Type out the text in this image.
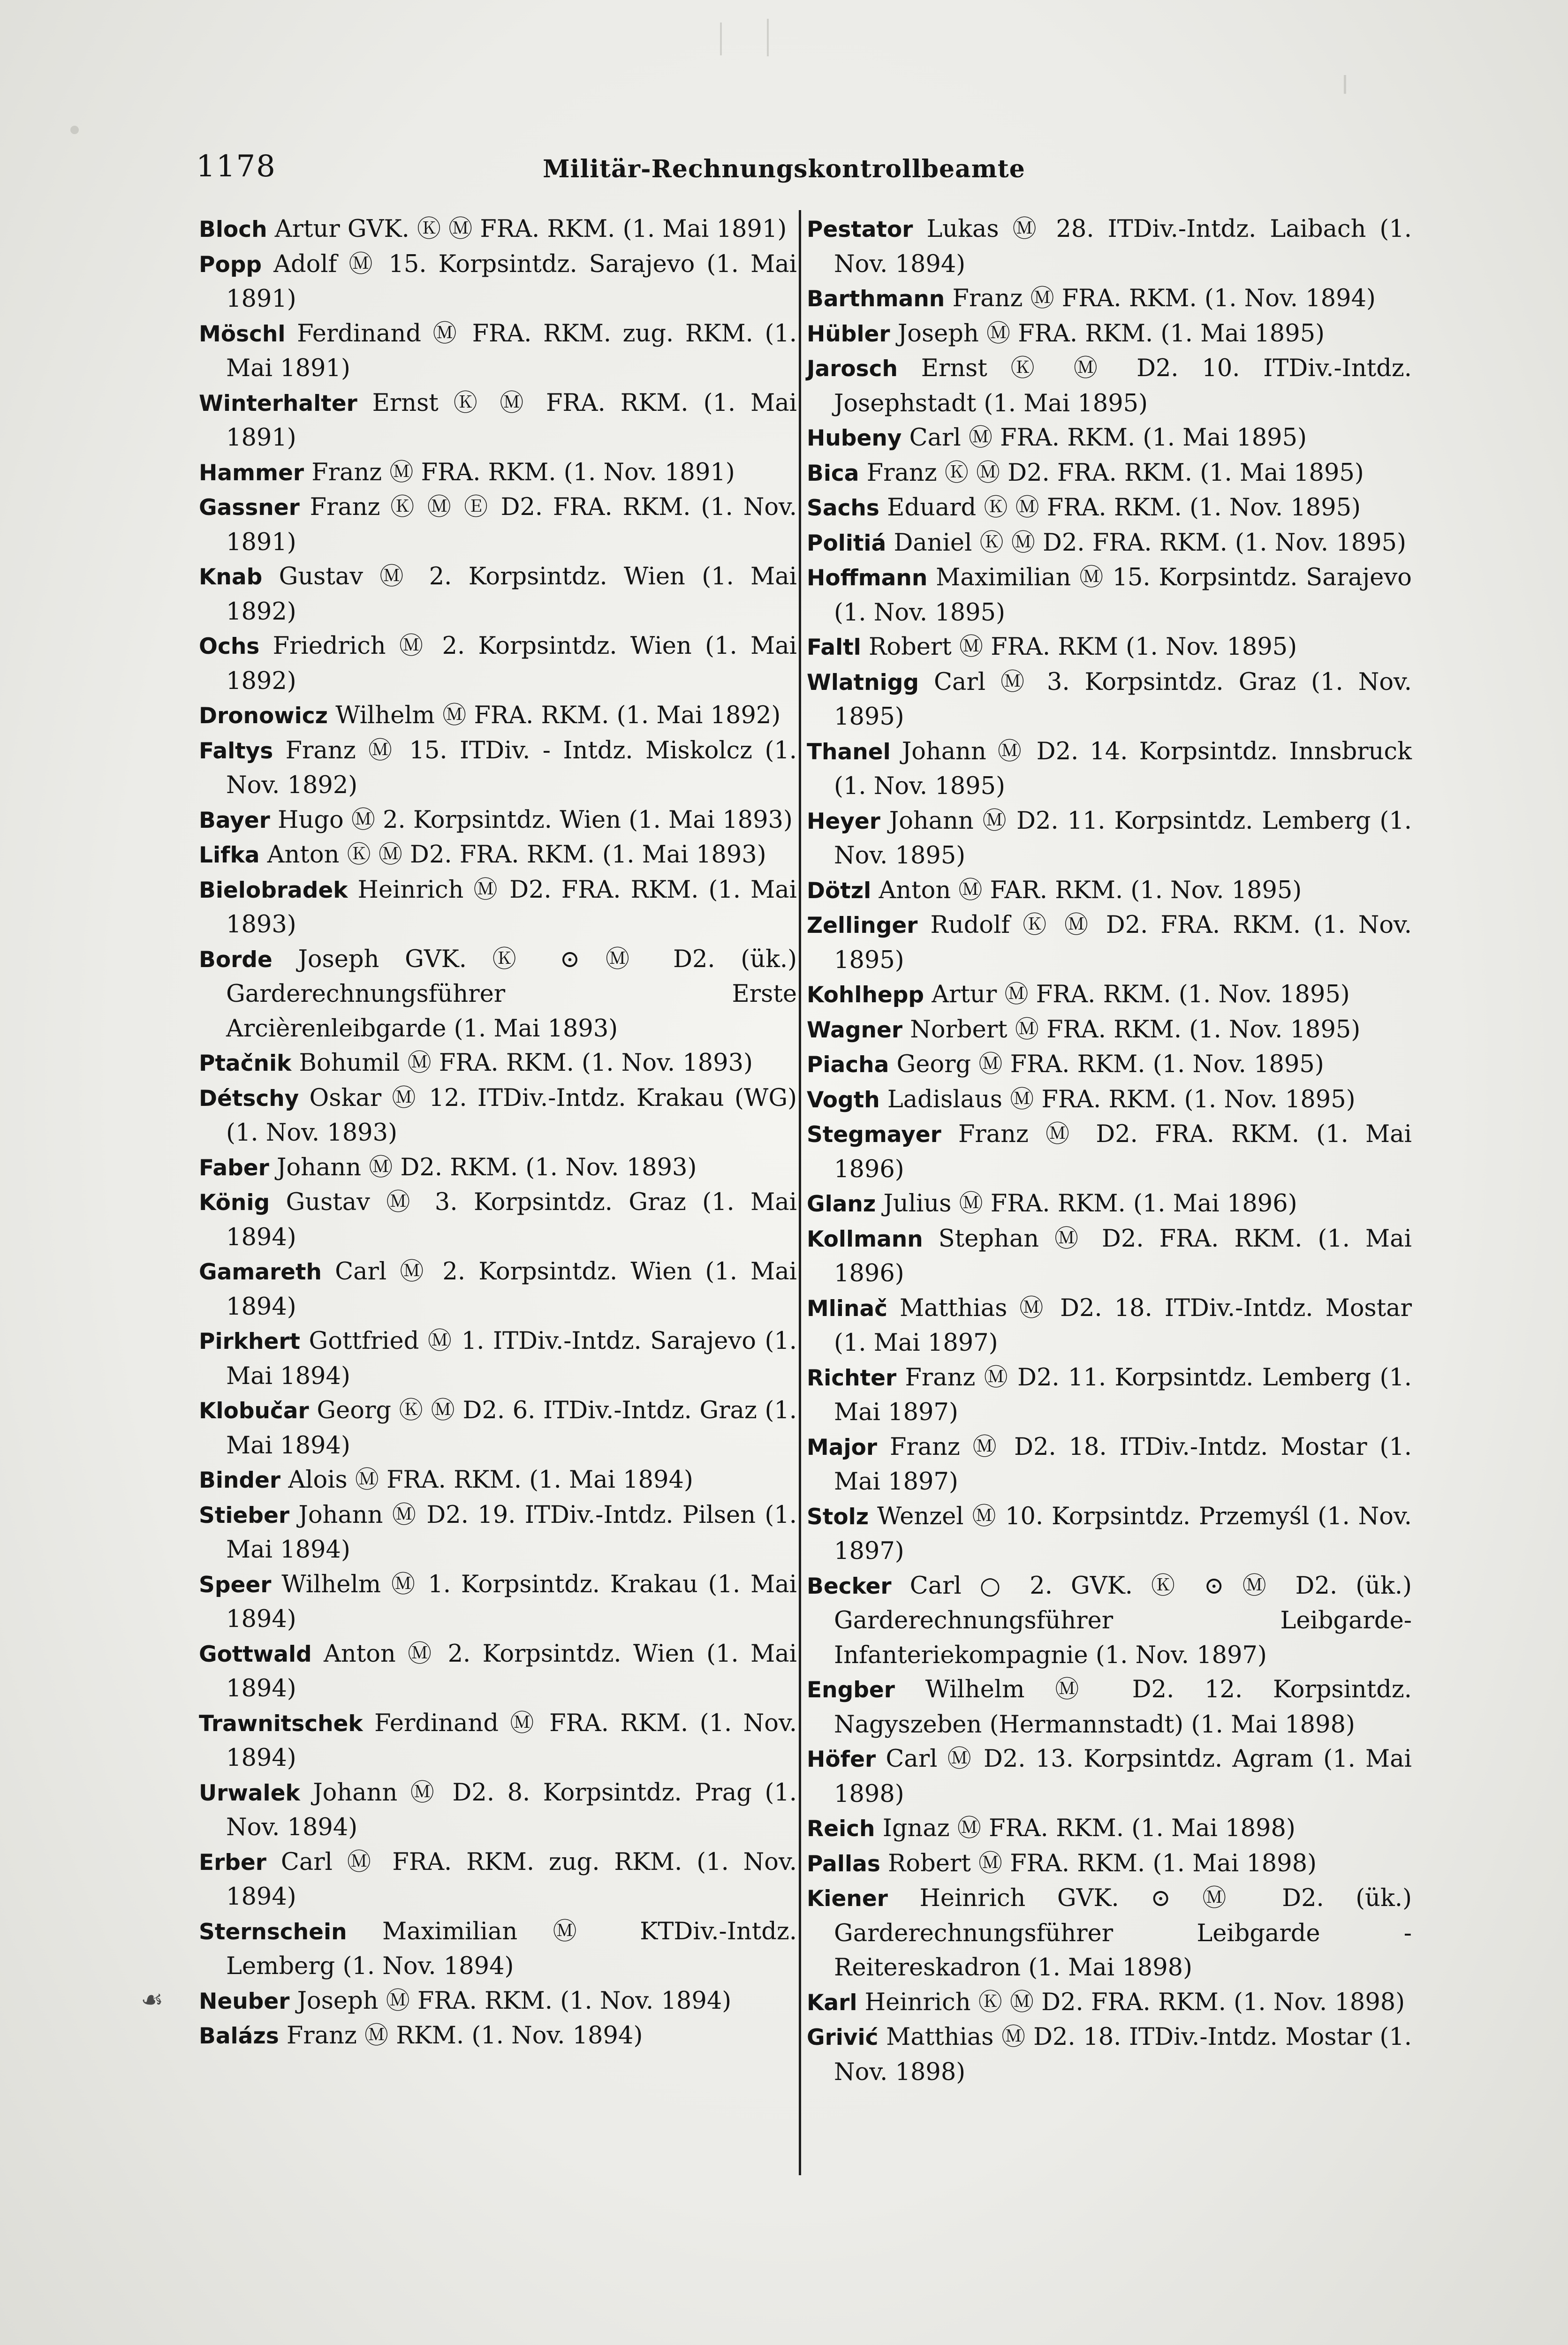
1178	Militär-Rechnungskontrollbeamte
☙
Bloch Artur GVK. Ⓚ Ⓜ FRA. RKM. (1. Mai 1891)
Popp Adolf Ⓜ 15. Korpsintdz. Sarajevo (1. Mai 1891)
Möschl Ferdinand Ⓜ FRA. RKM. zug. RKM. (1. Mai 1891)
Winterhalter Ernst Ⓚ Ⓜ FRA. RKM. (1. Mai 1891)
Hammer Franz Ⓜ FRA. RKM. (1. Nov. 1891)
Gassner Franz Ⓚ Ⓜ Ⓔ D2. FRA. RKM. (1. Nov. 1891)
Knab Gustav Ⓜ 2. Korpsintdz. Wien (1. Mai 1892)
Ochs Friedrich Ⓜ 2. Korpsintdz. Wien (1. Mai 1892)
Dronowicz Wilhelm Ⓜ FRA. RKM. (1. Mai 1892)
Faltys Franz Ⓜ 15. ITDiv. - Intdz. Miskolcz (1. Nov. 1892)
Bayer Hugo Ⓜ 2. Korpsintdz. Wien (1. Mai 1893)
Lifka Anton Ⓚ Ⓜ D2. FRA. RKM. (1. Mai 1893)
Bielobradek Heinrich Ⓜ D2. FRA. RKM. (1. Mai 1893)
Borde Joseph GVK. Ⓚ ⊙ Ⓜ D2. (ük.) Garderechnungsführer Erste Arcièrenleibgarde (1. Mai 1893)
Ptačnik Bohumil Ⓜ FRA. RKM. (1. Nov. 1893)
Détschy Oskar Ⓜ 12. ITDiv.-Intdz. Krakau (WG) (1. Nov. 1893)
Faber Johann Ⓜ D2. RKM. (1. Nov. 1893)
König Gustav Ⓜ 3. Korpsintdz. Graz (1. Mai 1894)
Gamareth Carl Ⓜ 2. Korpsintdz. Wien (1. Mai 1894)
Pirkhert Gottfried Ⓜ 1. ITDiv.-Intdz. Sarajevo (1. Mai 1894)
Klobučar Georg Ⓚ Ⓜ D2. 6. ITDiv.-Intdz. Graz (1. Mai 1894)
Binder Alois Ⓜ FRA. RKM. (1. Mai 1894)
Stieber Johann Ⓜ D2. 19. ITDiv.-Intdz. Pilsen (1. Mai 1894)
Speer Wilhelm Ⓜ 1. Korpsintdz. Krakau (1. Mai 1894)
Gottwald Anton Ⓜ 2. Korpsintdz. Wien (1. Mai 1894)
Trawnitschek Ferdinand Ⓜ FRA. RKM. (1. Nov. 1894)
Urwalek Johann Ⓜ D2. 8. Korpsintdz. Prag (1. Nov. 1894)
Erber Carl Ⓜ FRA. RKM. zug. RKM. (1. Nov. 1894)
Sternschein Maximilian Ⓜ KTDiv.-Intdz. Lemberg (1. Nov. 1894)
Neuber Joseph Ⓜ FRA. RKM. (1. Nov. 1894)
Balázs Franz Ⓜ RKM. (1. Nov. 1894)
Pestator Lukas Ⓜ 28. ITDiv.-Intdz. Laibach (1. Nov. 1894)
Barthmann Franz Ⓜ FRA. RKM. (1. Nov. 1894)
Hübler Joseph Ⓜ FRA. RKM. (1. Mai 1895)
Jarosch Ernst Ⓚ Ⓜ D2. 10. ITDiv.-Intdz. Josephstadt (1. Mai 1895)
Hubeny Carl Ⓜ FRA. RKM. (1. Mai 1895)
Bica Franz Ⓚ Ⓜ D2. FRA. RKM. (1. Mai 1895)
Sachs Eduard Ⓚ Ⓜ FRA. RKM. (1. Nov. 1895)
Politiá Daniel Ⓚ Ⓜ D2. FRA. RKM. (1. Nov. 1895)
Hoffmann Maximilian Ⓜ 15. Korpsintdz. Sarajevo (1. Nov. 1895)
Faltl Robert Ⓜ FRA. RKM (1. Nov. 1895)
Wlatnigg Carl Ⓜ 3. Korpsintdz. Graz (1. Nov. 1895)
Thanel Johann Ⓜ D2. 14. Korpsintdz. Innsbruck (1. Nov. 1895)
Heyer Johann Ⓜ D2. 11. Korpsintdz. Lemberg (1. Nov. 1895)
Dötzl Anton Ⓜ FAR. RKM. (1. Nov. 1895)
Zellinger Rudolf Ⓚ Ⓜ D2. FRA. RKM. (1. Nov. 1895)
Kohlhepp Artur Ⓜ FRA. RKM. (1. Nov. 1895)
Wagner Norbert Ⓜ FRA. RKM. (1. Nov. 1895)
Piacha Georg Ⓜ FRA. RKM. (1. Nov. 1895)
Vogth Ladislaus Ⓜ FRA. RKM. (1. Nov. 1895)
Stegmayer Franz Ⓜ D2. FRA. RKM. (1. Mai 1896)
Glanz Julius Ⓜ FRA. RKM. (1. Mai 1896)
Kollmann Stephan Ⓜ D2. FRA. RKM. (1. Mai 1896)
Mlinač Matthias Ⓜ D2. 18. ITDiv.-Intdz. Mostar (1. Mai 1897)
Richter Franz Ⓜ D2. 11. Korpsintdz. Lemberg (1. Mai 1897)
Major Franz Ⓜ D2. 18. ITDiv.-Intdz. Mostar (1. Mai 1897)
Stolz Wenzel Ⓜ 10. Korpsintdz. Przemyśl (1. Nov. 1897)
Becker Carl ○ 2. GVK. Ⓚ ⊙ Ⓜ D2. (ük.) Garderechnungsführer Leibgarde-Infanteriekompagnie (1. Nov. 1897)
Engber Wilhelm Ⓜ D2. 12. Korpsintdz. Nagyszeben (Hermannstadt) (1. Mai 1898)
Höfer Carl Ⓜ D2. 13. Korpsintdz. Agram (1. Mai 1898)
Reich Ignaz Ⓜ FRA. RKM. (1. Mai 1898)
Pallas Robert Ⓜ FRA. RKM. (1. Mai 1898)
Kiener Heinrich GVK. ⊙ Ⓜ D2. (ük.) Garderechnungsführer Leibgarde - Reitereskadron (1. Mai 1898)
Karl Heinrich Ⓚ Ⓜ D2. FRA. RKM. (1. Nov. 1898)
Grivić Matthias Ⓜ D2. 18. ITDiv.-Intdz. Mostar (1. Nov. 1898)
